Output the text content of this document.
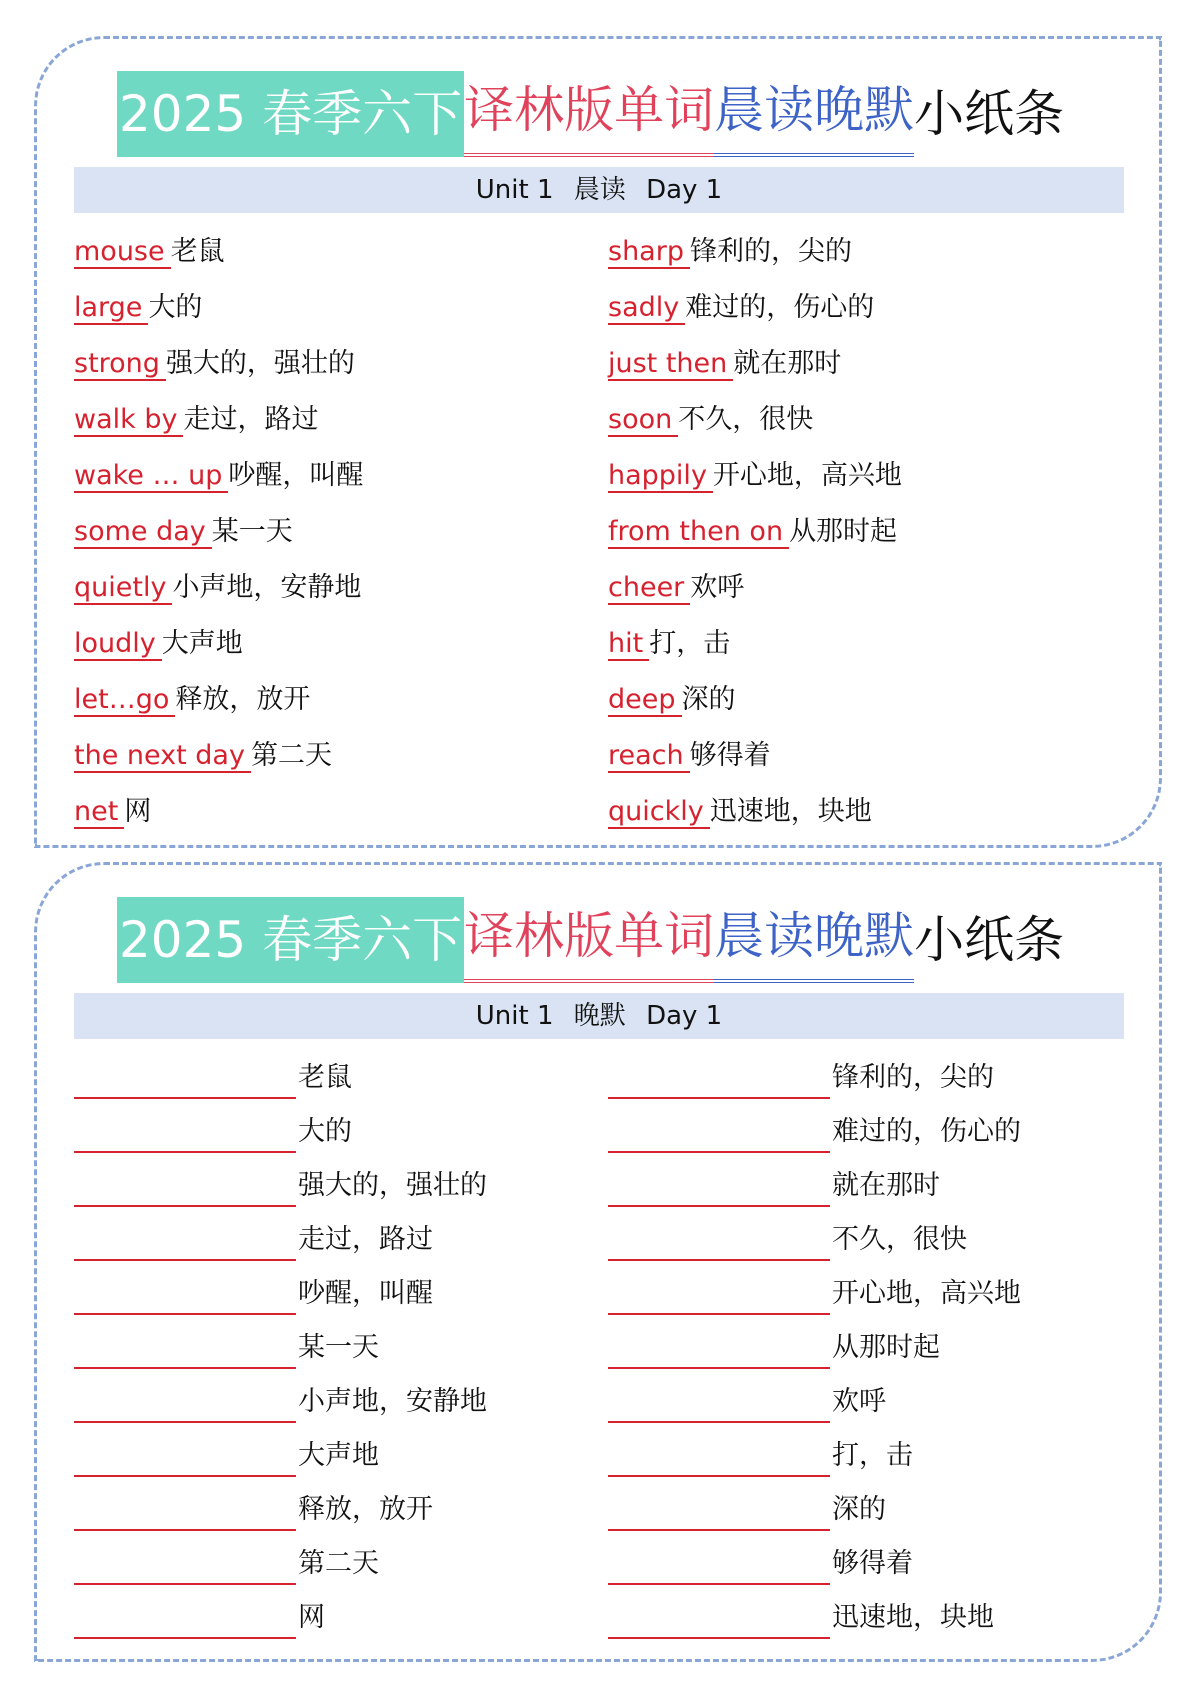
2025 春季六下 译林版单词 晨读晚默 小纸条
Unit 1 晨读 Day 1
mouse 老鼠
large 大的
strong 强大的，强壮的
walk by 走过，路过
wake … up 吵醒，叫醒
some day 某一天
quietly 小声地，安静地
loudly 大声地
let…go 释放，放开
the next day 第二天
net 网
sharp 锋利的，尖的
sadly 难过的，伤心的
just then 就在那时
soon 不久，很快
happily 开心地，高兴地
from then on 从那时起
cheer 欢呼
hit 打，击
deep 深的
reach 够得着
quickly 迅速地，块地
2025 春季六下 译林版单词 晨读晚默 小纸条
Unit 1 晚默 Day 1
老鼠
大的
强大的，强壮的
走过，路过
吵醒，叫醒
某一天
小声地，安静地
大声地
释放，放开
第二天
网
锋利的，尖的
难过的，伤心的
就在那时
不久，很快
开心地，高兴地
从那时起
欢呼
打，击
深的
够得着
迅速地，块地
